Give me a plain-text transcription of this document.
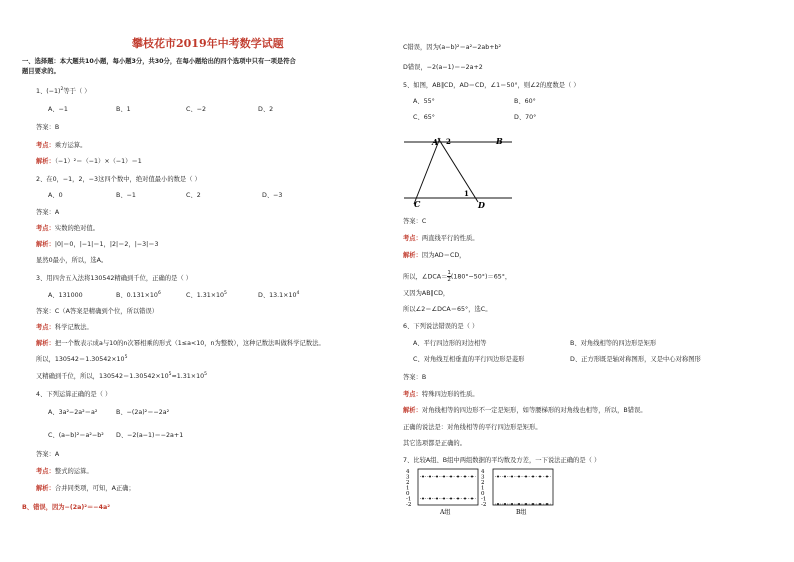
攀枝花市2019年中考数学试题
一、选择题：本大题共10小题，每小题3分，共30分，在每小题给出的四个选项中只有一项是符合
题目要求的。
1、$(-1)^2$等于（ ）
A、−1	B、1	C、−2	D、2
答案：B
考点：乘方运算。
解析：（−1）²＝（−1）×（−1）＝1
2、在0，−1，2，−3这四个数中，绝对值最小的数是（ ）
A、0	B、−1	C、2	D、−3
答案：A
考点：实数的绝对值。
解析：|0|＝0，|−1|＝1，|2|＝2，|−3|＝3
显然0最小，所以，选A。
3、用四舍五入法将130542精确到千位，正确的是（ ）
A、131000	B、$0.131\times 10^6$	C、$1.31\times 10^5$	D、$13.1\times 10^4$
答案：C（A答案是精确到个位，所以错误）
考点：科学记数法。
解析：把一个数表示成a与10的n次幂相乘的形式（1≤a<10，n为整数），这种记数法叫做科学记数法。
所以，$130542=1.30542\times 10^5$
又精确到千位，所以，$130542=1.30542\times 10^5\approx 1.31\times 10^5$
4、下列运算正确的是（ ）
A、3a²−2a²＝a²	B、−(2a)²＝−2a²
C、(a−b)²＝a²−b² D、−2(a−1)＝−2a+1
答案：A
考点：整式的运算。
解析：合并同类项，可知，A正确；
B、错误，因为−(2a)²＝−4a²
C错误，因为(a−b)²＝a²−2ab+b²
D错误，−2(a−1)＝−2a+2
5、如图，AB∥CD，AD＝CD，∠1＝50°，则∠2的度数是（ ）
A、55°	B、60°
C、65°	D、70°
A 2	B
C
1
D
答案：C
考点：两直线平行的性质。
解析：因为AD＝CD，
所以，∠DCA＝ $\frac{1}{2} (180^\circ-50^\circ)=65^\circ$，
又因为AB∥CD，
所以∠2＝∠DCA＝65°，选C。
6、下列说法错误的是（ ）
A、平行四边形的对边相等	B、对角线相等的四边形是矩形
C、对角线互相垂直的平行四边形是菱形	D、正方形既是轴对称图形，又是中心对称图形
答案：B
考点：特殊四边形的性质。
解析：对角线相等的四边形不一定是矩形，如等腰梯形的对角线也相等，所以，B错误。
正确的说法是：对角线相等的平行四边形是矩形。
其它选项都是正确的。
7、比较A组、B组中两组数据的平均数及方差，一下说法正确的是（ ）
4
3
2
1
0
-1
-2
4
3
2
1
0
-1
-2
A组	B组
